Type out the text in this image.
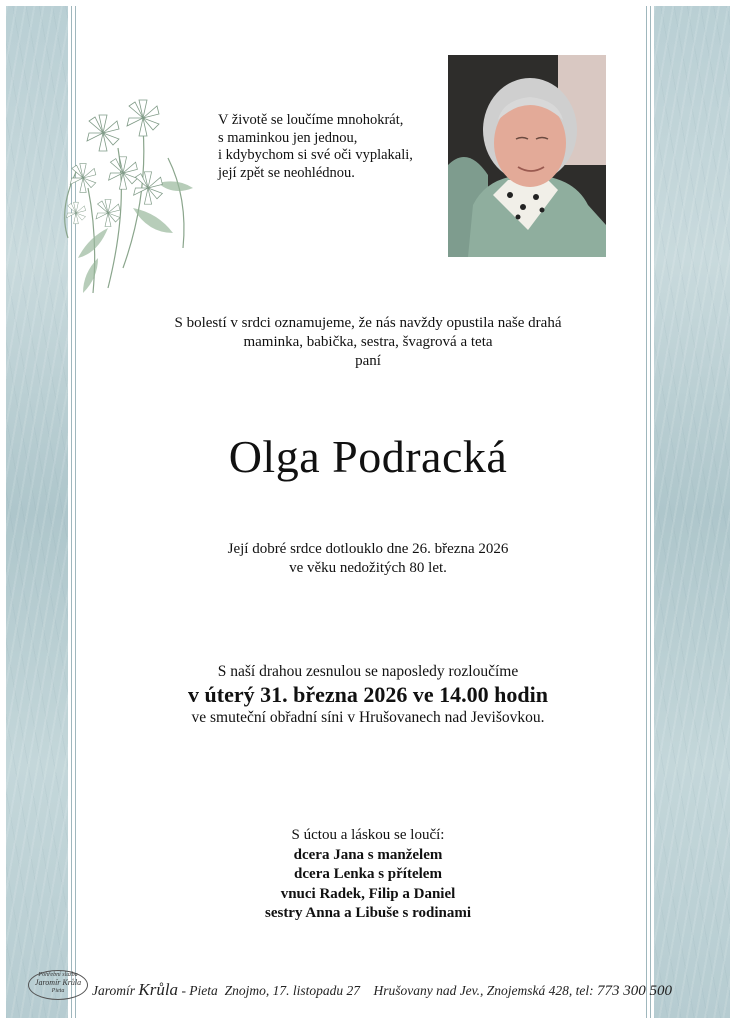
V životě se loučíme mnohokrát,
s maminkou jen jednou,
i kdybychom si své oči vyplakali,
její zpět se neohlédnou.
S bolestí v srdci oznamujeme, že nás navždy opustila naše drahá
maminka, babička, sestra, švagrová a teta
paní
Olga Podracká
Její dobré srdce dotlouklo dne 26. března 2026
ve věku nedožitých 80 let.
S naší drahou zesnulou se naposledy rozloučíme
v úterý 31. března 2026 ve 14.00 hodin
ve smuteční obřadní síni v Hrušovanech nad Jevišovkou.
S úctou a láskou se loučí:
dcera Jana s manželem
dcera Lenka s přítelem
vnuci Radek, Filip a Daniel
sestry Anna a Libuše s rodinami
Pohřební služba
Jaromír Krůla
Pieta	Jaromír Krůla - Pieta Znojmo, 17. listopadu 27 Hrušovany nad Jev., Znojemská 428, tel: 773 300 500
